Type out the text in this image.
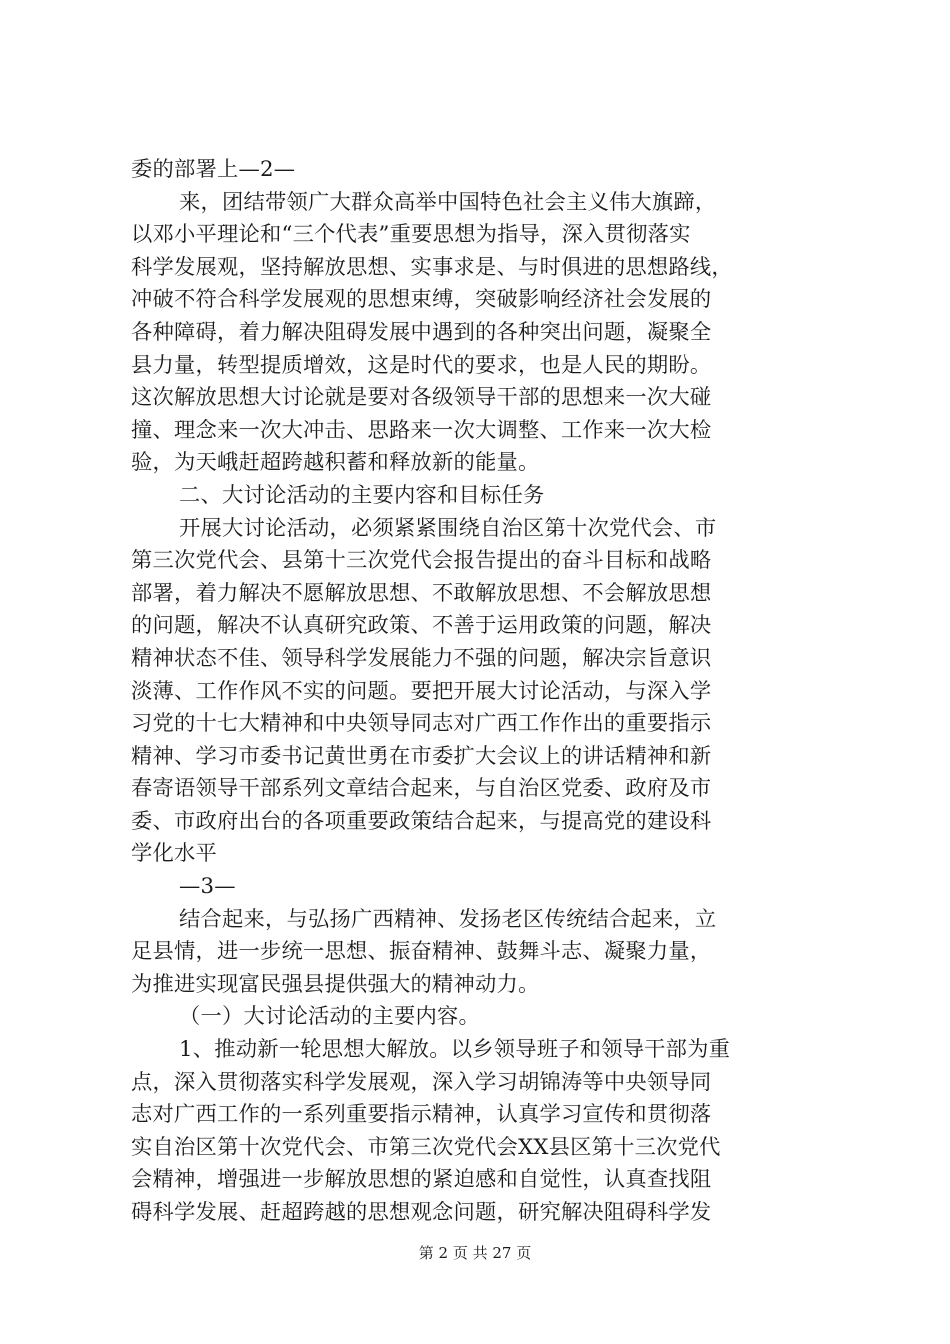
委的部署上—2—
来，团结带领广大群众高举中国特色社会主义伟大旗蹄，
以邓小平理论和“三个代表”重要思想为指导，深入贯彻落实
科学发展观，坚持解放思想、实事求是、与时俱进的思想路线，
冲破不符合科学发展观的思想束缚，突破影响经济社会发展的
各种障碍，着力解决阻碍发展中遇到的各种突出问题，凝聚全
县力量，转型提质增效，这是时代的要求，也是人民的期盼。
这次解放思想大讨论就是要对各级领导干部的思想来一次大碰
撞、理念来一次大冲击、思路来一次大调整、工作来一次大检
验，为天峨赶超跨越积蓄和释放新的能量。
二、大讨论活动的主要内容和目标任务
开展大讨论活动，必须紧紧围绕自治区第十次党代会、市
第三次党代会、县第十三次党代会报告提出的奋斗目标和战略
部署，着力解决不愿解放思想、不敢解放思想、不会解放思想
的问题，解决不认真研究政策、不善于运用政策的问题，解决
精神状态不佳、领导科学发展能力不强的问题，解决宗旨意识
淡薄、工作作风不实的问题。要把开展大讨论活动，与深入学
习党的十七大精神和中央领导同志对广西工作作出的重要指示
精神、学习市委书记黄世勇在市委扩大会议上的讲话精神和新
春寄语领导干部系列文章结合起来，与自治区党委、政府及市
委、市政府出台的各项重要政策结合起来，与提高党的建设科
学化水平
—3—
结合起来，与弘扬广西精神、发扬老区传统结合起来，立
足县情，进一步统一思想、振奋精神、鼓舞斗志、凝聚力量，
为推进实现富民强县提供强大的精神动力。
（一）大讨论活动的主要内容。
1、推动新一轮思想大解放。以乡领导班子和领导干部为重
点，深入贯彻落实科学发展观，深入学习胡锦涛等中央领导同
志对广西工作的一系列重要指示精神，认真学习宣传和贯彻落
实自治区第十次党代会、市第三次党代会XX县区第十三次党代
会精神，增强进一步解放思想的紧迫感和自觉性，认真查找阻
碍科学发展、赶超跨越的思想观念问题，研究解决阻碍科学发
第 2 页 共 27 页
